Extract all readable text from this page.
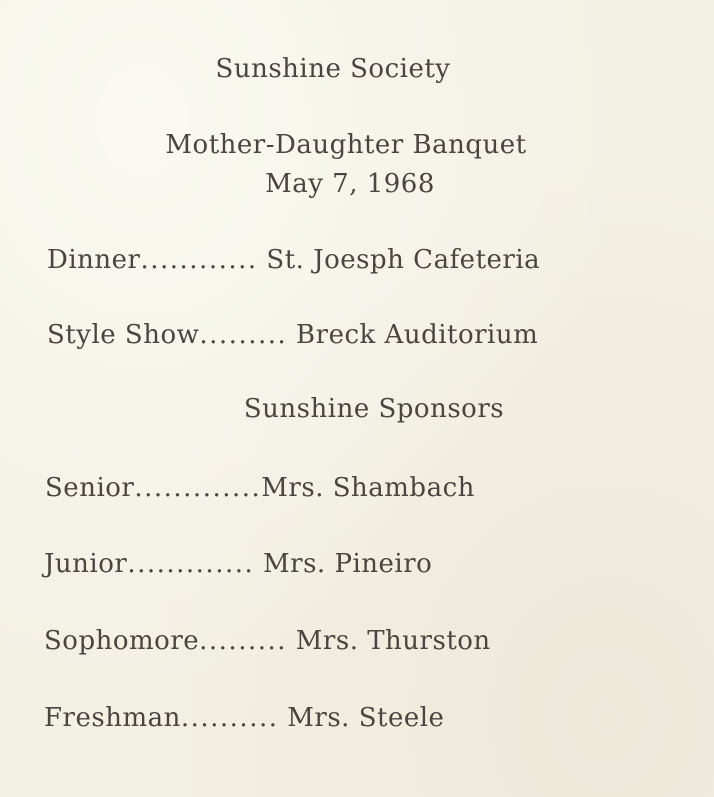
Sunshine Society
Mother-Daughter Banquet
May 7, 1968
Dinner............ St. Joesph Cafeteria
Style Show......... Breck Auditorium
Sunshine Sponsors
Senior.............Mrs. Shambach
Junior............. Mrs. Pineiro
Sophomore......... Mrs. Thurston
Freshman.......... Mrs. Steele
